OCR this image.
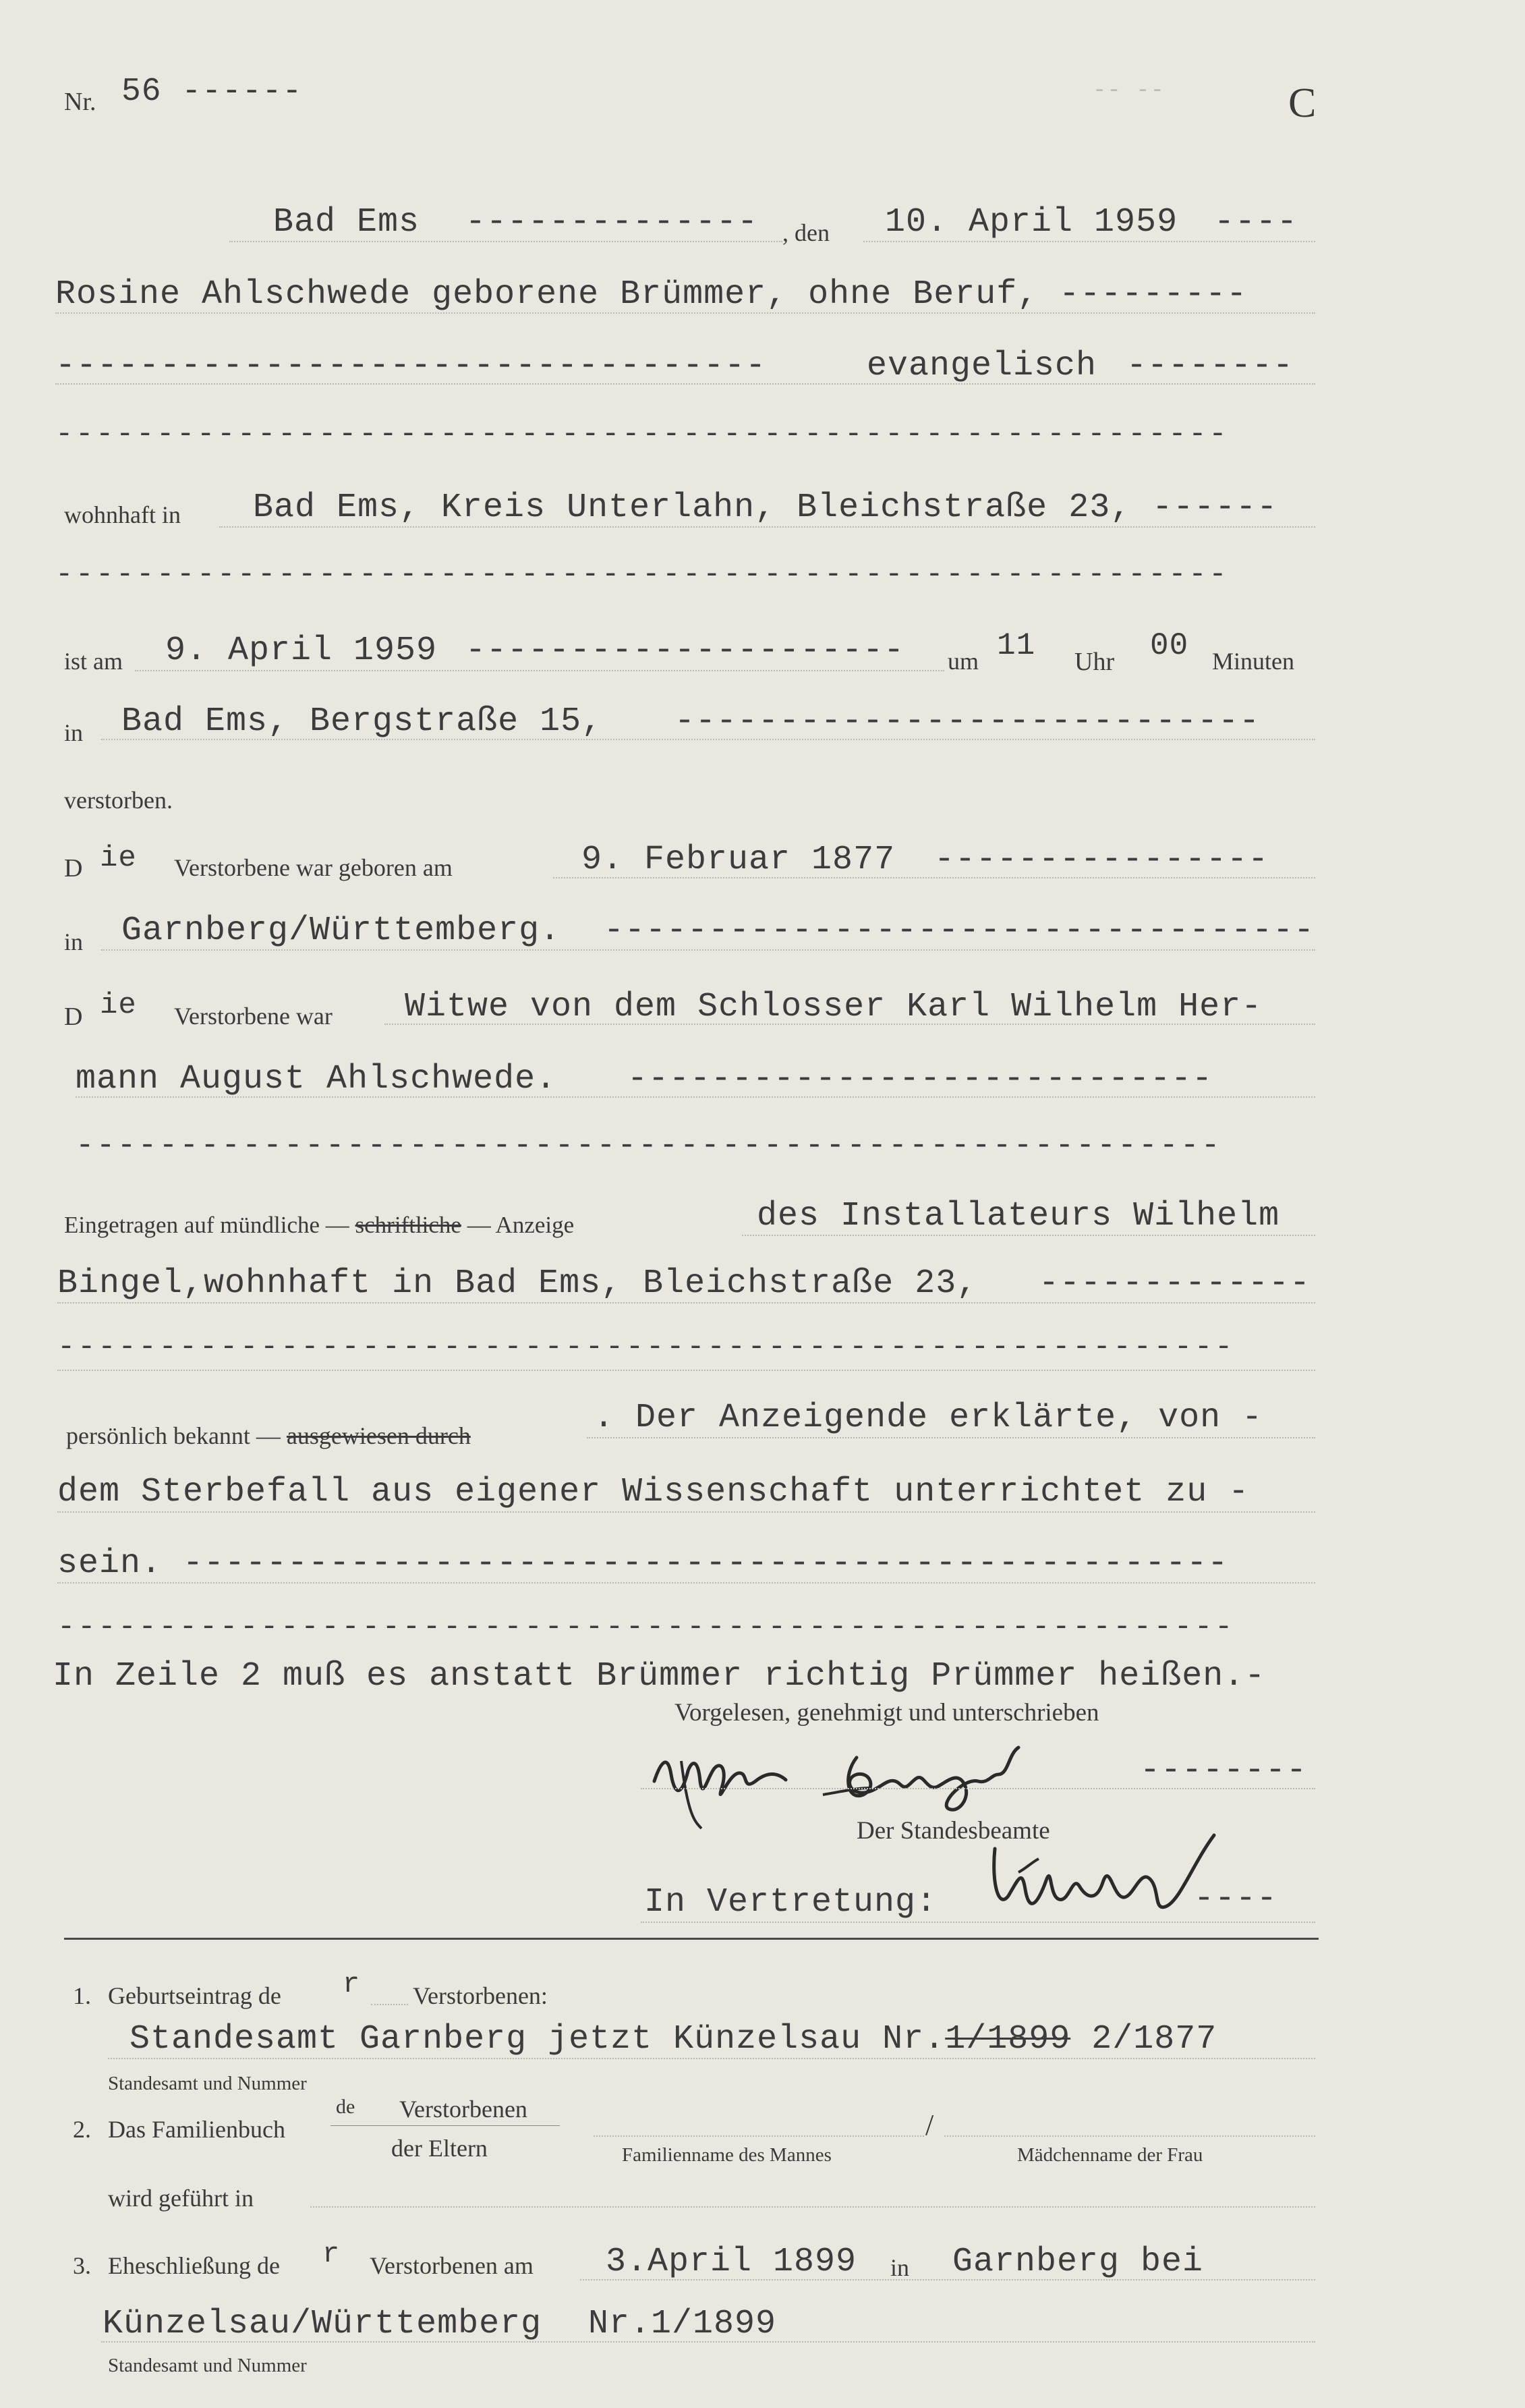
Nr. 56 ------	-- --	C
Bad Ems -------------- , den 10. April 1959 ----
Rosine Ahlschwede geborene Brümmer, ohne Beruf, ---------
----------------------------------	evangelisch --------
----------------------------------------------------------
wohnhaft in Bad Ems, Kreis Unterlahn, Bleichstraße 23, ------
----------------------------------------------------------
ist am 9. April 1959 --------------------- um 11 Uhr 00 Minuten
in Bad Ems, Bergstraße 15, ----------------------------
verstorben.
D ie Verstorbene war geboren am	9. Februar 1877 ----------------
in Garnberg/Württemberg. ----------------------------------
D ie Verstorbene war Witwe von dem Schlosser Karl Wilhelm Her-
mann August Ahlschwede. ----------------------------
-------------------------------------------------------
Eingetragen auf mündliche — schriftliche — Anzeige	des Installateurs Wilhelm
Bingel,wohnhaft in Bad Ems, Bleichstraße 23, -------------
----------------------------------------------------------
persönlich bekannt — ausgewiesen durch	. Der Anzeigende erklärte, von -
dem Sterbefall aus eigener Wissenschaft unterrichtet zu -
sein. --------------------------------------------------
----------------------------------------------------------
In Zeile 2 muß es anstatt Brümmer richtig Prümmer heißen.-
Vorgelesen, genehmigt und unterschrieben
--------
Der Standesbeamte
In Vertretung:	----
1. Geburtseintrag de r Verstorbenen:
Standesamt Garnberg jetzt Künzelsau Nr.1/1899 2/1877
Standesamt und Nummer
2. Das Familienbuch
de Verstorbenen
der Eltern	Familienname des Mannes
/
Mädchenname der Frau
wird geführt in
3. Eheschließung de r Verstorbenen am 3.April 1899 in Garnberg bei
Künzelsau/Württemberg Nr.1/1899
Standesamt und Nummer
